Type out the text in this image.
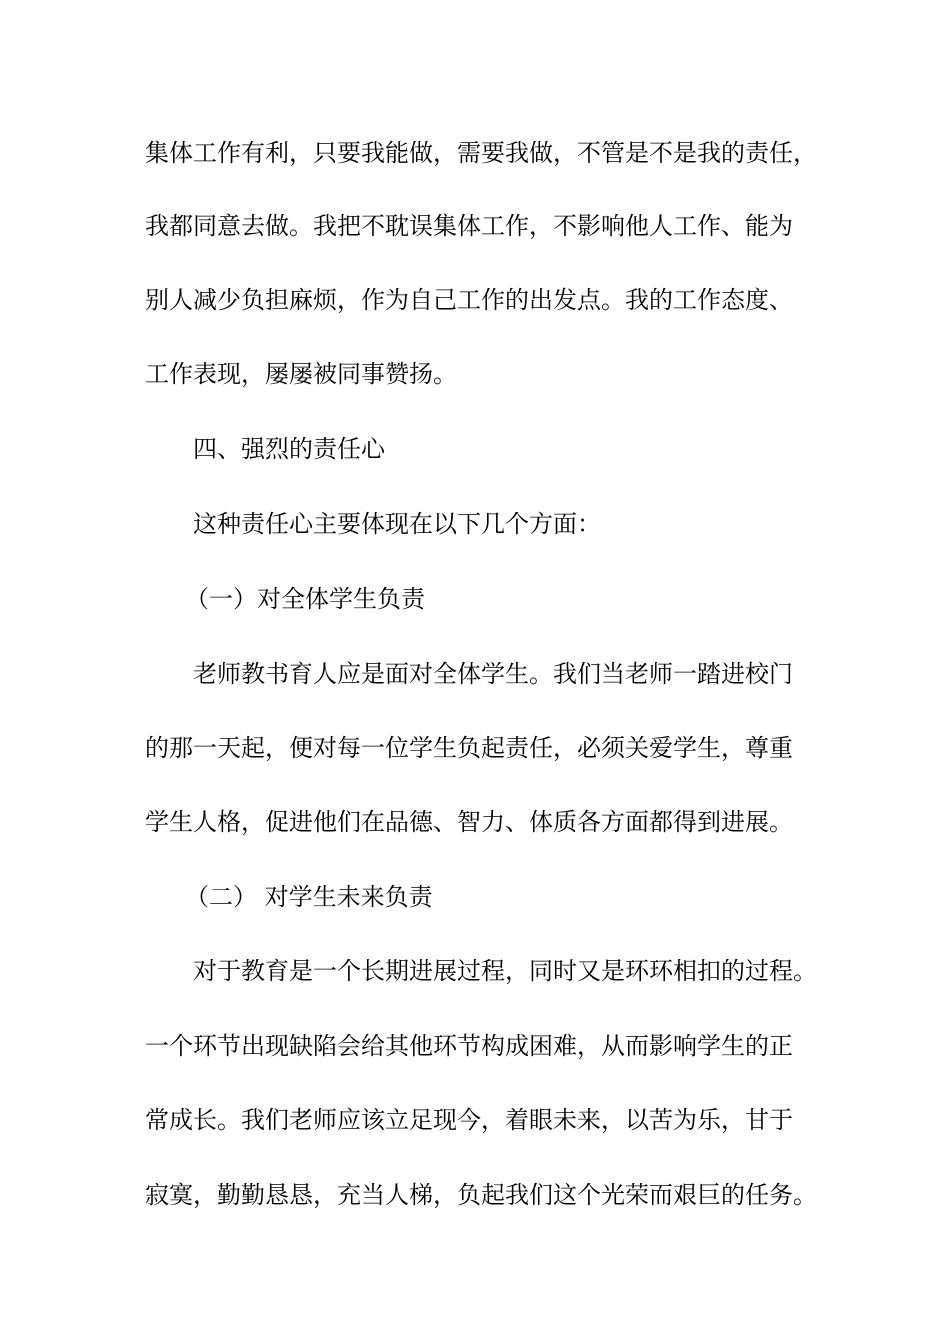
集体工作有利，只要我能做，需要我做，不管是不是我的责任，
我都同意去做。我把不耽误集体工作，不影响他人工作、能为
别人减少负担麻烦，作为自己工作的出发点。我的工作态度、
工作表现，屡屡被同事赞扬。
四、强烈的责任心
这种责任心主要体现在以下几个方面：
（一）对全体学生负责
老师教书育人应是面对全体学生。我们当老师一踏进校门
的那一天起，便对每一位学生负起责任，必须关爱学生，尊重
学生人格，促进他们在品德、智力、体质各方面都得到进展。
（二） 对学生未来负责
对于教育是一个长期进展过程，同时又是环环相扣的过程。
一个环节出现缺陷会给其他环节构成困难，从而影响学生的正
常成长。我们老师应该立足现今，着眼未来，以苦为乐，甘于
寂寞，勤勤恳恳，充当人梯，负起我们这个光荣而艰巨的任务。
